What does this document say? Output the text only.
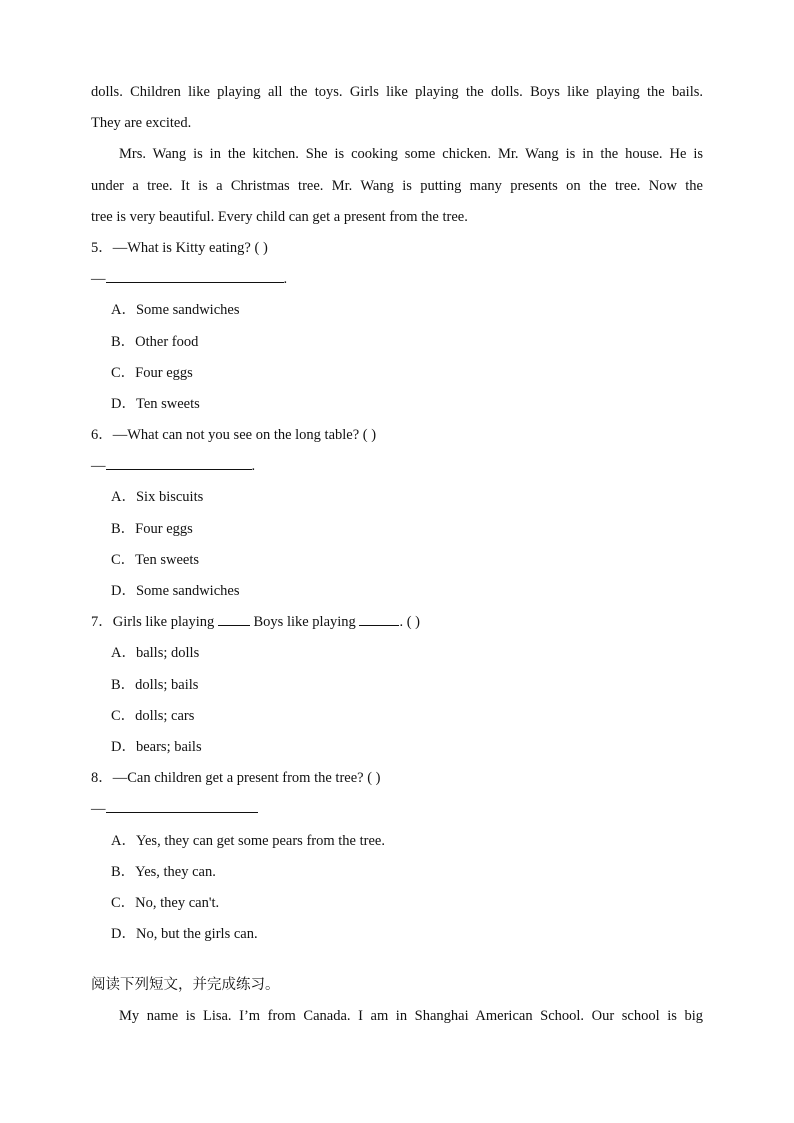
dolls. Children like playing all the toys. Girls like playing the dolls. Boys like playing the bails.
They are excited.
Mrs. Wang is in the kitchen. She is cooking some chicken. Mr. Wang is in the house. He is
under a tree. It is a Christmas tree. Mr. Wang is putting many presents on the tree. Now the
tree is very beautiful. Every child can get a present from the tree.
5．—What is Kitty eating? ( )
—	.
A．Some sandwiches
B．Other food
C．Four eggs
D．Ten sweets
6．—What can not you see on the long table? ( )
—	.
A．Six biscuits
B．Four eggs
C．Ten sweets
D．Some sandwiches
7．Girls like playing  Boys like playing	. ( )
A．balls; dolls
B．dolls; bails
C．dolls; cars
D．bears; bails
8．—Can children get a present from the tree? ( )
—
A．Yes, they can get some pears from the tree.
B．Yes, they can.
C．No, they can't.
D．No, but the girls can.
阅读下列短文，并完成练习。
My name is Lisa. I’m from Canada. I am in Shanghai American School. Our school is big
